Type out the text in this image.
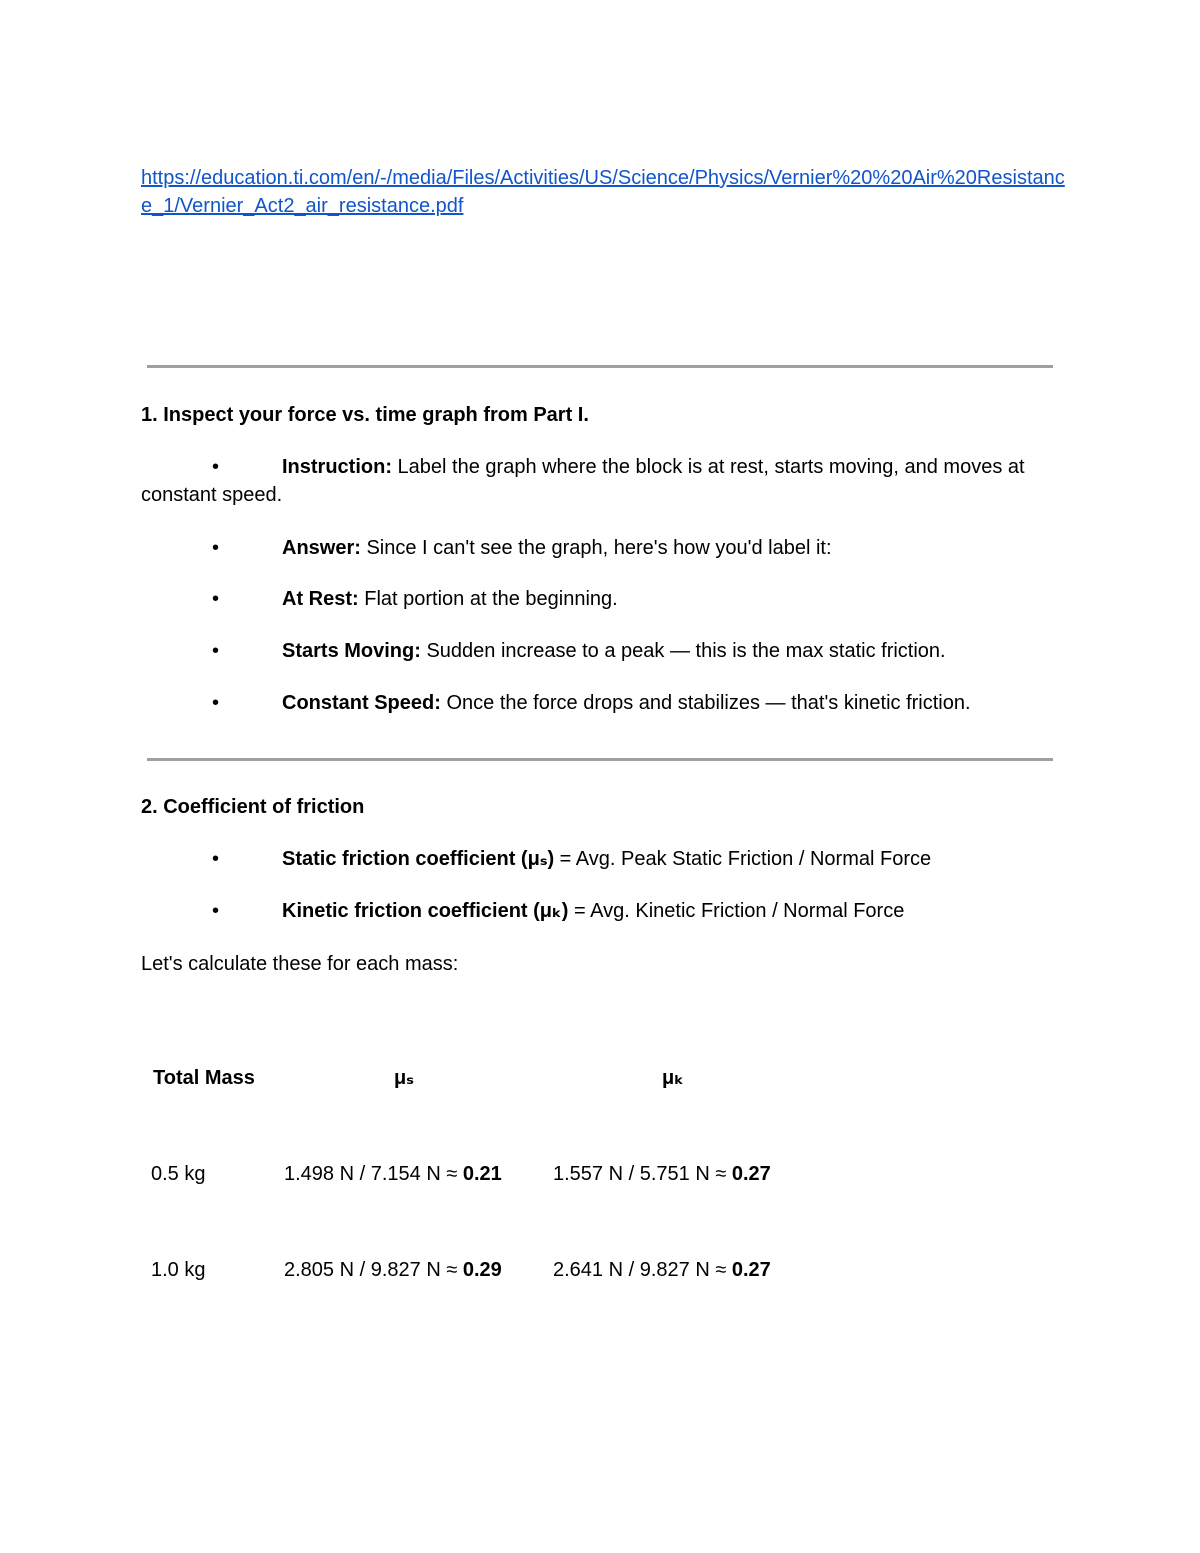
https://education.ti.com/en/-/media/Files/Activities/US/Science/Physics/Vernier%20%20Air%20Resistance_1/Vernier_Act2_air_resistance.pdf
1. Inspect your force vs. time graph from Part I.
•	Instruction: Label the graph where the block is at rest, starts moving, and moves at constant speed.
•	Answer: Since I can't see the graph, here's how you'd label it:
•	At Rest: Flat portion at the beginning.
•	Starts Moving: Sudden increase to a peak — this is the max static friction.
•	Constant Speed: Once the force drops and stabilizes — that's kinetic friction.
2. Coefficient of friction
•	Static friction coefficient (μₛ) = Avg. Peak Static Friction / Normal Force
•	Kinetic friction coefficient (μₖ) = Avg. Kinetic Friction / Normal Force
Let's calculate these for each mass:
Total Mass	μₛ	μₖ
0.5 kg	1.498 N / 7.154 N ≈ 0.21	1.557 N / 5.751 N ≈ 0.27
1.0 kg	2.805 N / 9.827 N ≈ 0.29	2.641 N / 9.827 N ≈ 0.27
